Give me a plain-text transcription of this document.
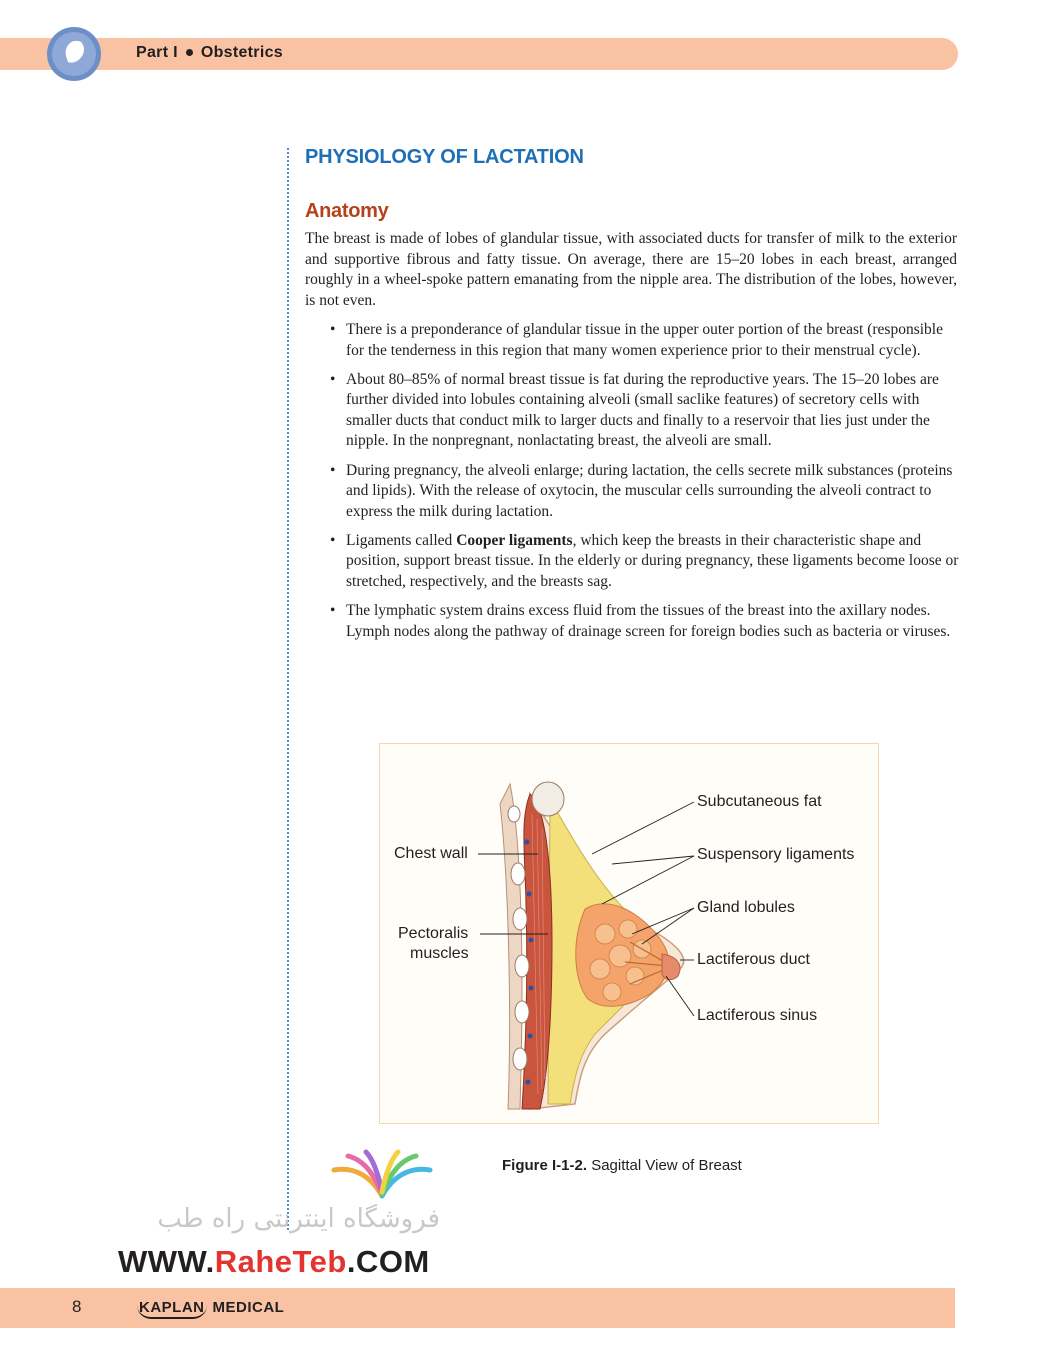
Part I Obstetrics
PHYSIOLOGY OF LACTATION
Anatomy

The breast is made of lobes of glandular tissue, with associated ducts for transfer of milk to the exterior and supportive fibrous and fatty tissue. On average, there are 15–20 lobes in each breast, arranged roughly in a wheel-spoke pattern emanating from the nipple area. The distribution of the lobes, however, is not even.

• There is a preponderance of glandular tissue in the upper outer portion of the breast (responsible for the tenderness in this region that many women experience prior to their menstrual cycle).
• About 80–85% of normal breast tissue is fat during the reproductive years. The 15–20 lobes are further divided into lobules containing alveoli (small saclike features) of secretory cells with smaller ducts that conduct milk to larger ducts and finally to a reservoir that lies just under the nipple. In the nonpregnant, nonlactating breast, the alveoli are small.
• During pregnancy, the alveoli enlarge; during lactation, the cells secrete milk substances (proteins and lipids). With the release of oxytocin, the muscular cells surrounding the alveoli contract to express the milk during lactation.
• Ligaments called Cooper ligaments, which keep the breasts in their characteristic shape and position, support breast tissue. In the elderly or during pregnancy, these ligaments become loose or stretched, respectively, and the breasts sag.
• The lymphatic system drains excess fluid from the tissues of the breast into the axillary nodes. Lymph nodes along the pathway of drainage screen for foreign bodies such as bacteria or viruses.
Subcutaneous fat
Chest wall	Suspensory ligaments
Gland lobules
Pectoralis
muscles	Lactiferous duct
Lactiferous sinus
Figure I-1-2. Sagittal View of Breast
فروشگاه اینترنتی راه طب
WWW.RaheTeb.COM
8	KAPLAN MEDICAL
